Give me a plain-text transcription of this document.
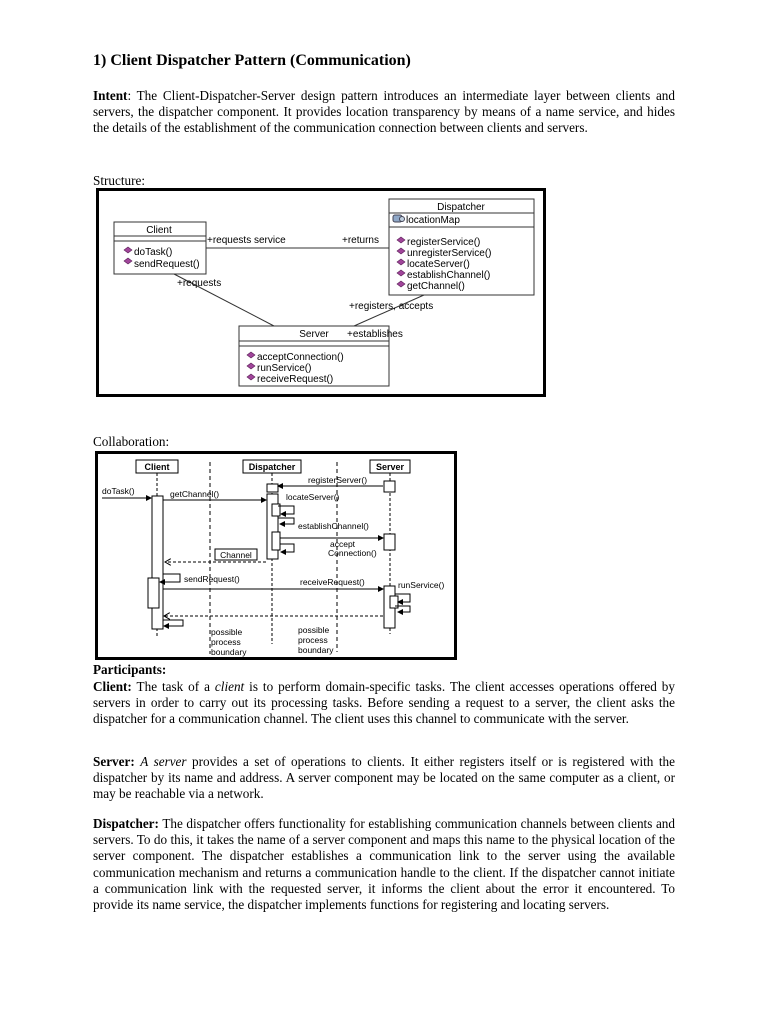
1) Client Dispatcher Pattern (Communication)
Intent: The Client-Dispatcher-Server design pattern introduces an intermediate layer between clients and servers, the dispatcher component. It provides location transparency by means of a name service, and hides the details of the establishment of the communication connection between clients and servers.
Structure:
Client
doTask()
sendRequest()
Dispatcher
locationMap
registerService()
unregisterService()
locateServer()
establishChannel()
getChannel()
Server
acceptConnection()
runService()
receiveRequest()
+requests service	+returns
+requests
+registers, accepts
+establishes
Collaboration:
Client	Dispatcher	Server
doTask()	getChannel()
registerServer()
locateServer()
establishChannel()
accept
Connection()
Channel
sendRequest()	receiveRequest()	runService()
possible
process
boundary
possible
process
boundary
Participants:
Client: The task of a client is to perform domain-specific tasks. The client accesses operations offered by servers in order to carry out its processing tasks. Before sending a request to a server, the client asks the dispatcher for a communication channel. The client uses this channel to communicate with the server.
Server: A server provides a set of operations to clients. It either registers itself or is registered with the dispatcher by its name and address. A server component may be located on the same computer as a client, or may be reachable via a network.
Dispatcher: The dispatcher offers functionality for establishing communication channels between clients and servers. To do this, it takes the name of a server component and maps this name to the physical location of the server component. The dispatcher establishes a communication link to the server using the available communication mechanism and returns a communication handle to the client. If the dispatcher cannot initiate a communication link with the requested server, it informs the client about the error it encountered. To provide its name service, the dispatcher implements functions for registering and locating servers.
